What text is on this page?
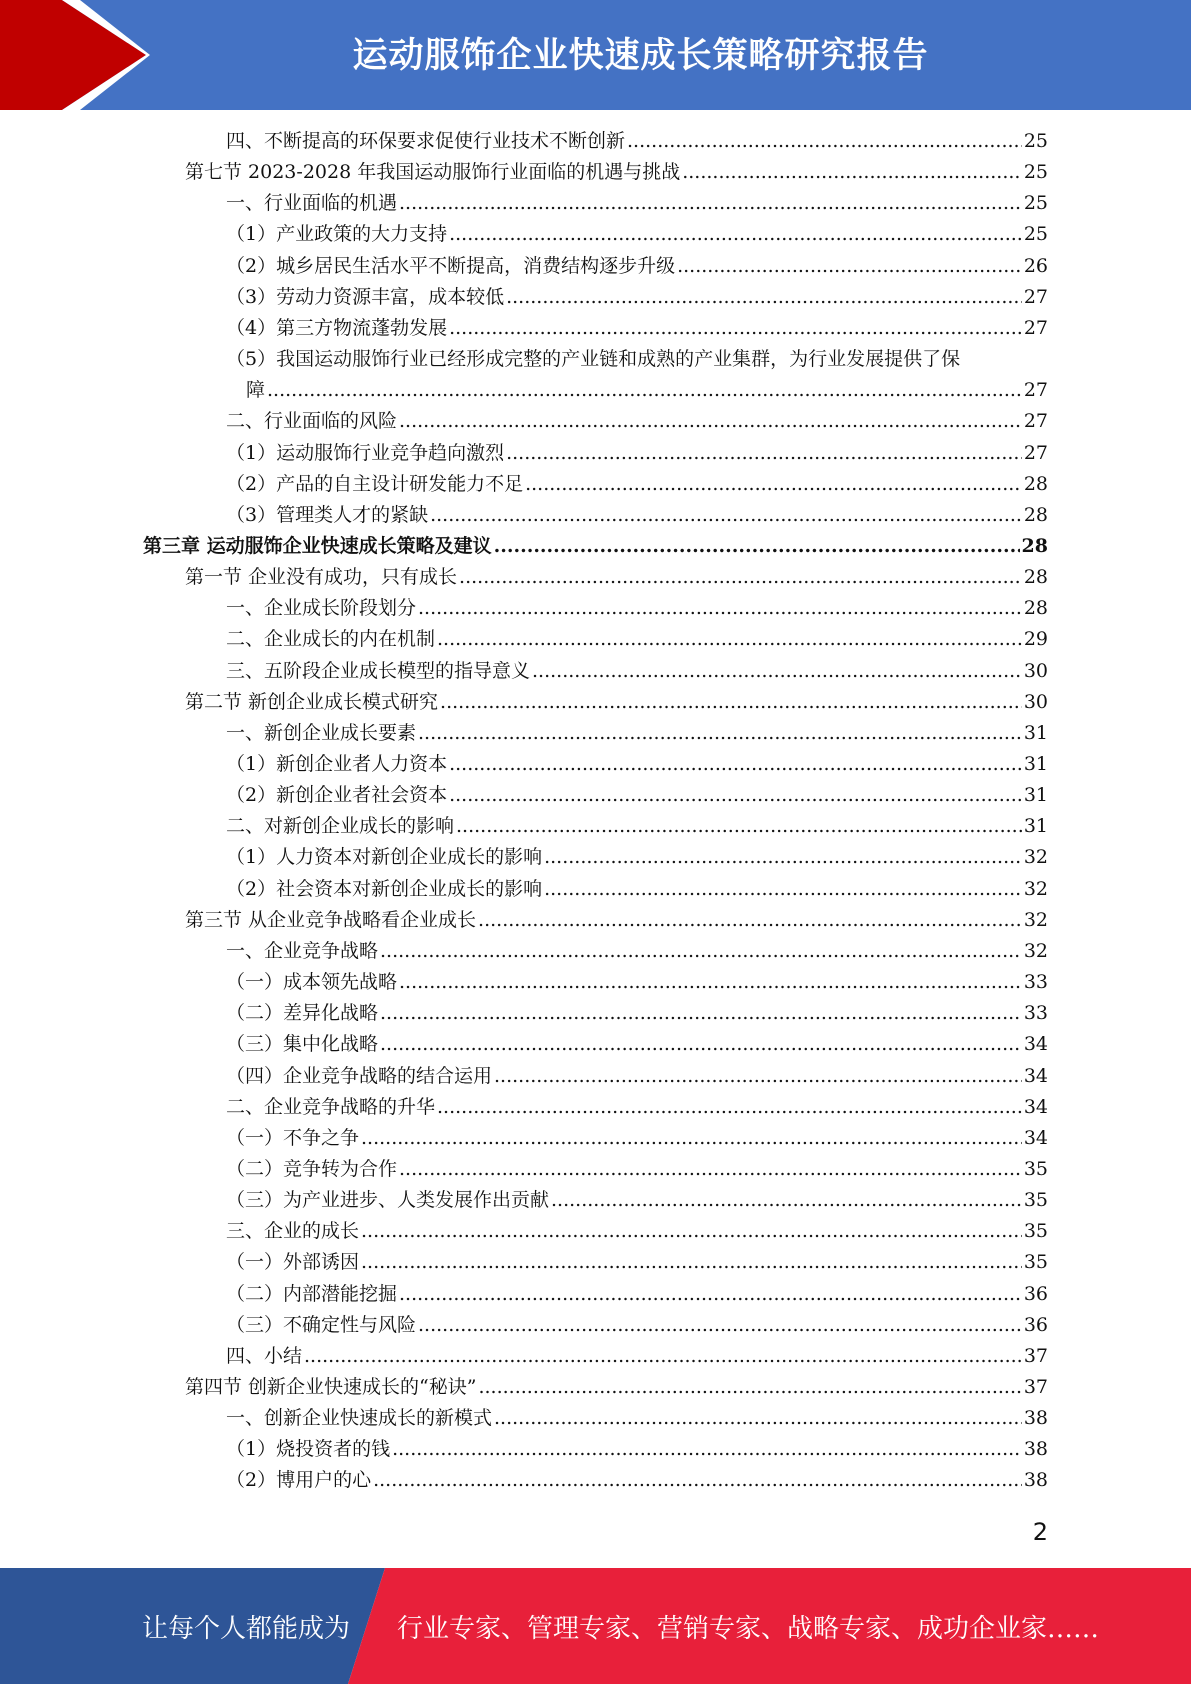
运动服饰企业快速成长策略研究报告
四、不断提高的环保要求促使行业技术不断创新 .....	25
第七节 2023-2028 年我国运动服饰行业面临的机遇与挑战 .....	25
一、行业面临的机遇 .....	25
（1）产业政策的大力支持 .....	25
（2）城乡居民生活水平不断提高，消费结构逐步升级 .....	26
（3）劳动力资源丰富，成本较低 .....	27
（4）第三方物流蓬勃发展 .....	27
（5）我国运动服饰行业已经形成完整的产业链和成熟的产业集群，为行业发展提供了保
障 .....	27
二、行业面临的风险 .....	27
（1）运动服饰行业竞争趋向激烈 .....	27
（2）产品的自主设计研发能力不足 .....	28
（3）管理类人才的紧缺 .....	28
第三章 运动服饰企业快速成长策略及建议 .....	28
第一节 企业没有成功，只有成长 .....	28
一、企业成长阶段划分 .....	28
二、企业成长的内在机制 .....	29
三、五阶段企业成长模型的指导意义 .....	30
第二节 新创企业成长模式研究 .....	30
一、新创企业成长要素 .....	31
（1）新创企业者人力资本 .....	31
（2）新创企业者社会资本 .....	31
二、对新创企业成长的影响 .....	31
（1）人力资本对新创企业成长的影响 .....	32
（2）社会资本对新创企业成长的影响 .....	32
第三节 从企业竞争战略看企业成长 .....	32
一、企业竞争战略 .....	32
（一）成本领先战略 .....	33
（二）差异化战略 .....	33
（三）集中化战略 .....	34
（四）企业竞争战略的结合运用 .....	34
二、企业竞争战略的升华 .....	34
（一）不争之争 .....	34
（二）竞争转为合作 .....	35
（三）为产业进步、人类发展作出贡献 .....	35
三、企业的成长 .....	35
（一）外部诱因 .....	35
（二）内部潜能挖掘 .....	36
（三）不确定性与风险 .....	36
四、小结 .....	37
第四节 创新企业快速成长的“秘诀” .....	37
一、创新企业快速成长的新模式 .....	38
（1）烧投资者的钱 .....	38
（2）博用户的心 .....	38
2
让每个人都能成为 行业专家、管理专家、营销专家、战略专家、成功企业家……
